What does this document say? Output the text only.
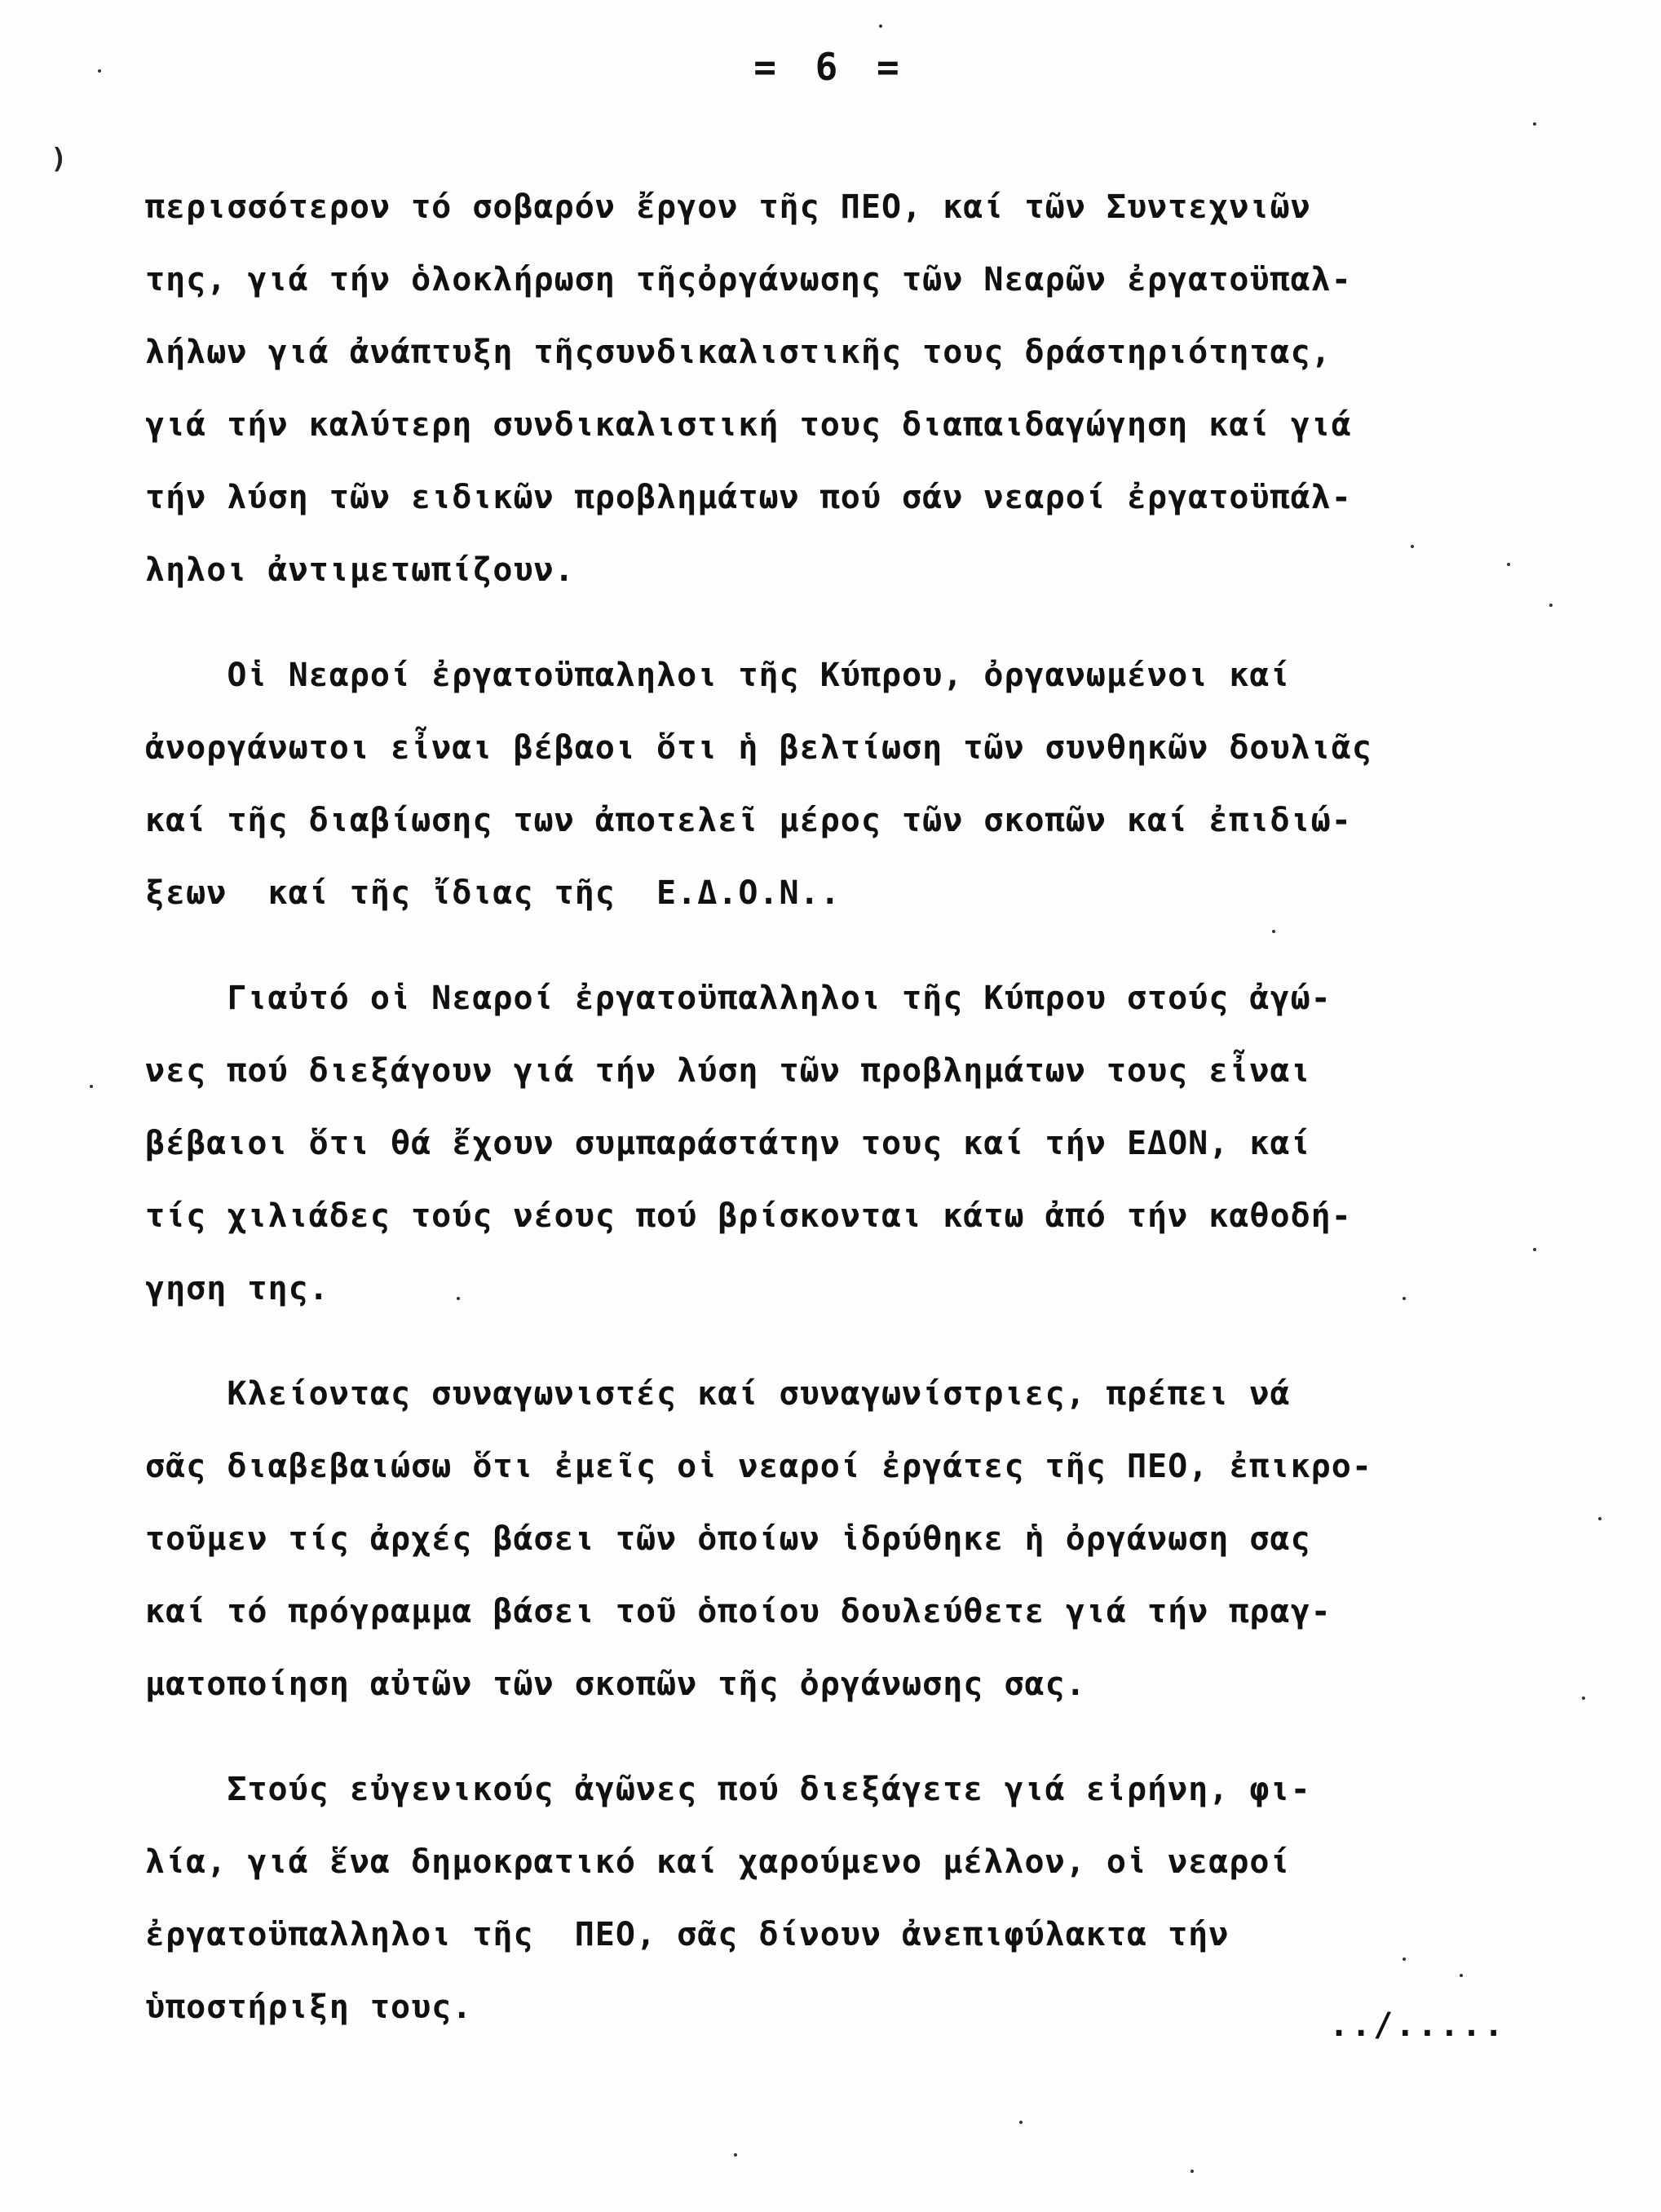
= 6 =
περισσότερον τό σοβαρόν ἔργον τῆς ΠΕΟ, καί τῶν Συντεχνιῶν
της, γιά τήν ὁλοκλήρωση τῆςὀργάνωσης τῶν Νεαρῶν ἐργατοϋπαλ-
λήλων γιά ἀνάπτυξη τῆςσυνδικαλιστικῆς τους δράστηριότητας,
γιά τήν καλύτερη συνδικαλιστική τους διαπαιδαγώγηση καί γιά
τήν λύση τῶν ειδικῶν προβλημάτων πού σάν νεαροί ἐργατοϋπάλ-
ληλοι ἀντιμετωπίζουν.
Οἱ Νεαροί ἐργατοϋπαληλοι τῆς Κύπρου, ὀργανωμένοι καί
ἀνοργάνωτοι εἶναι βέβαοι ὅτι ἡ βελτίωση τῶν συνθηκῶν δουλιᾶς
καί τῆς διαβίωσης των ἀποτελεῖ μέρος τῶν σκοπῶν καί ἐπιδιώ-
ξεων  καί τῆς ἴδιας τῆς  Ε.Δ.Ο.Ν..
Γιαὐτό οἱ Νεαροί ἐργατοϋπαλληλοι τῆς Κύπρου στούς ἀγώ-
νες πού διεξάγουν γιά τήν λύση τῶν προβλημάτων τους εἶναι
βέβαιοι ὅτι θά ἔχουν συμπαράστάτην τους καί τήν ΕΔΟΝ, καί
τίς χιλιάδες τούς νέους πού βρίσκονται κάτω ἀπό τήν καθοδή-
γηση της.
Κλείοντας συναγωνιστές καί συναγωνίστριες, πρέπει νά
σᾶς διαβεβαιώσω ὅτι ἐμεῖς οἱ νεαροί ἐργάτες τῆς ΠΕΟ, ἐπικρο-
τοῦμεν τίς ἀρχές βάσει τῶν ὁποίων ἱδρύθηκε ἡ ὀργάνωση σας
καί τό πρόγραμμα βάσει τοῦ ὁποίου δουλεύθετε γιά τήν πραγ-
ματοποίηση αὐτῶν τῶν σκοπῶν τῆς ὀργάνωσης σας.
Στούς εὐγενικούς ἀγῶνες πού διεξάγετε γιά εἰρήνη, φι-
λία, γιά ἕνα δημοκρατικό καί χαρούμενο μέλλον, οἱ νεαροί
ἐργατοϋπαλληλοι τῆς  ΠΕΟ, σᾶς δίνουν ἀνεπιφύλακτα τήν
ὑποστήριξη τους.	../.....
)
